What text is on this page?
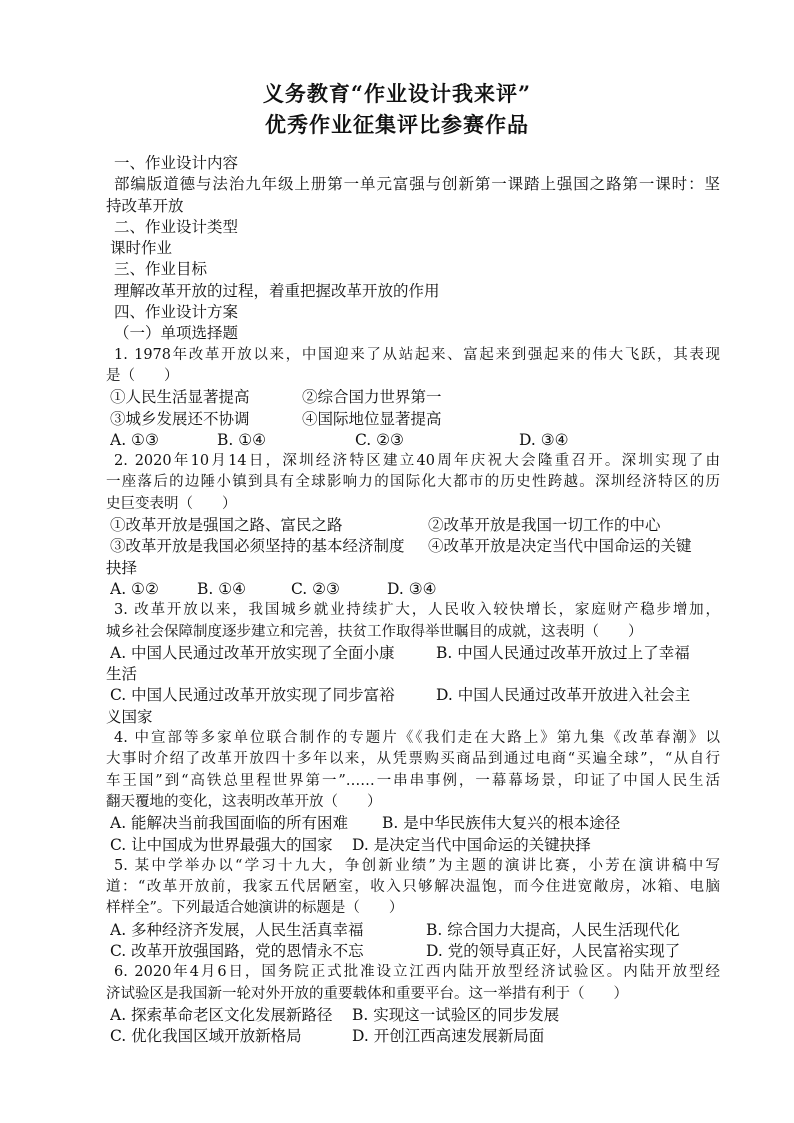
义务教育“作业设计我来评”
优秀作业征集评比参赛作品
一、作业设计内容
部编版道德与法治九年级上册第一单元富强与创新第一课踏上强国之路第一课时：坚
持改革开放
二、作业设计类型
课时作业
三、作业目标
理解改革开放的过程，着重把握改革开放的作用
四、作业设计方案
（一）单项选择题
1. 1978年改革开放以来，中国迎来了从站起来、富起来到强起来的伟大飞跃，其表现
是（　　）
①人民生活显著提高	②综合国力世界第一
③城乡发展还不协调	④国际地位显著提高
A. ①③	B. ①④	C. ②③	D. ③④
2. 2020年10月14日，深圳经济特区建立40周年庆祝大会隆重召开。深圳实现了由
一座落后的边陲小镇到具有全球影响力的国际化大都市的历史性跨越。深圳经济特区的历
史巨变表明（　　）
①改革开放是强国之路、富民之路	②改革开放是我国一切工作的中心
③改革开放是我国必须坚持的基本经济制度	④改革开放是决定当代中国命运的关键
抉择
A. ①②	B. ①④	C. ②③	D. ③④
3. 改革开放以来，我国城乡就业持续扩大，人民收入较快增长，家庭财产稳步增加，
城乡社会保障制度逐步建立和完善，扶贫工作取得举世瞩目的成就，这表明（　　）
A. 中国人民通过改革开放实现了全面小康	B. 中国人民通过改革开放过上了幸福
生活
C. 中国人民通过改革开放实现了同步富裕	D. 中国人民通过改革开放进入社会主
义国家
4. 中宣部等多家单位联合制作的专题片《《我们走在大路上》第九集《改革春潮》以
大事时介绍了改革开放四十多年以来，从凭票购买商品到通过电商“买遍全球”，“从自行
车王国”到“高铁总里程世界第一”……一串串事例，一幕幕场景，印证了中国人民生活
翻天覆地的变化，这表明改革开放（　　）
A. 能解决当前我国面临的所有困难	B. 是中华民族伟大复兴的根本途径
C. 让中国成为世界最强大的国家	D. 是决定当代中国命运的关键抉择
5. 某中学举办以“学习十九大，争创新业绩”为主题的演讲比赛，小芳在演讲稿中写
道：“改革开放前，我家五代居陋室，收入只够解决温饱，而今住进宽敞房，冰箱、电脑
样样全”。下列最适合她演讲的标题是（　　）
A. 多种经济齐发展，人民生活真幸福	B. 综合国力大提高，人民生活现代化
C. 改革开放强国路，党的恩情永不忘	D. 党的领导真正好，人民富裕实现了
6. 2020年4月6日，国务院正式批准设立江西内陆开放型经济试验区。内陆开放型经
济试验区是我国新一轮对外开放的重要载体和重要平台。这一举措有利于（　　）
A. 探索革命老区文化发展新路径	B. 实现这一试验区的同步发展
C. 优化我国区域开放新格局	D. 开创江西高速发展新局面
